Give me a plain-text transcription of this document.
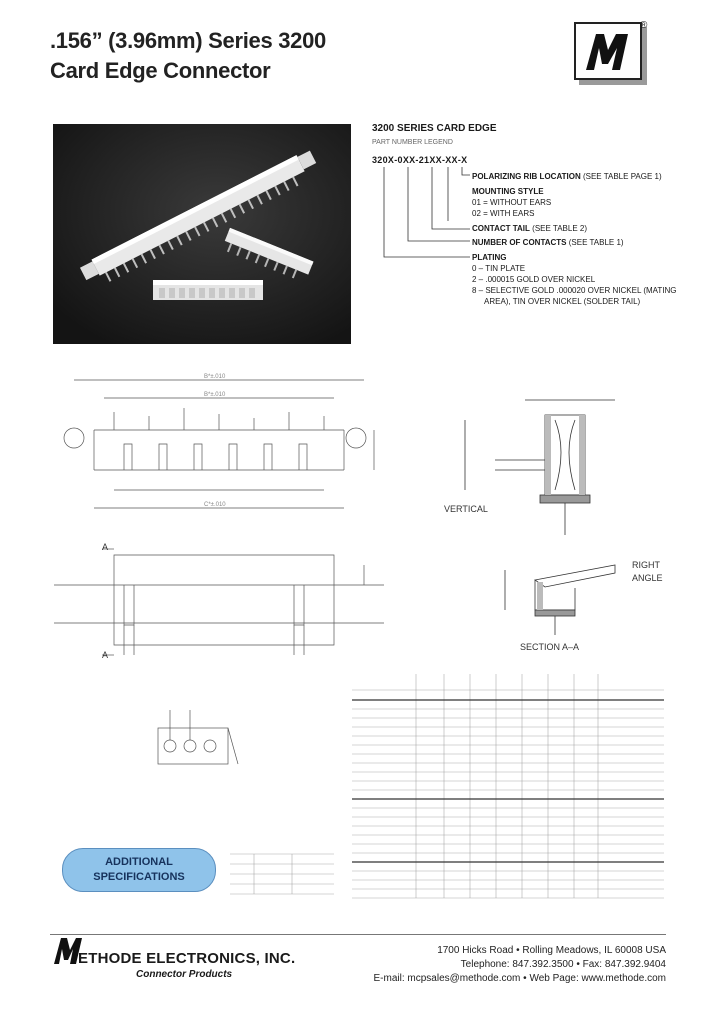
.156” (3.96mm) Series 3200
Card Edge Connector
®
3200 SERIES CARD EDGE
PART NUMBER LEGEND
320X-0XX-21XX-XX-X
POLARIZING RIB LOCATION (SEE TABLE PAGE 1)
MOUNTING STYLE
01 = WITHOUT EARS
02 = WITH EARS
CONTACT TAIL (SEE TABLE 2)
NUMBER OF CONTACTS (SEE TABLE 1)
PLATING
0 – TIN PLATE
2 – .000015 GOLD OVER NICKEL
8 – SELECTIVE GOLD .000020 OVER NICKEL (MATING
AREA), TIN OVER NICKEL (SOLDER TAIL)
B*±.010
B*±.010
C*±.010
A
A
VERTICAL
RIGHT
ANGLE
SECTION A–A
ADDITIONAL
SPECIFICATIONS
ETHODE ELECTRONICS, INC.
Connector Products
1700 Hicks Road • Rolling Meadows, IL 60008 USA
Telephone: 847.392.3500 • Fax: 847.392.9404
E-mail: mcpsales@methode.com • Web Page: www.methode.com
